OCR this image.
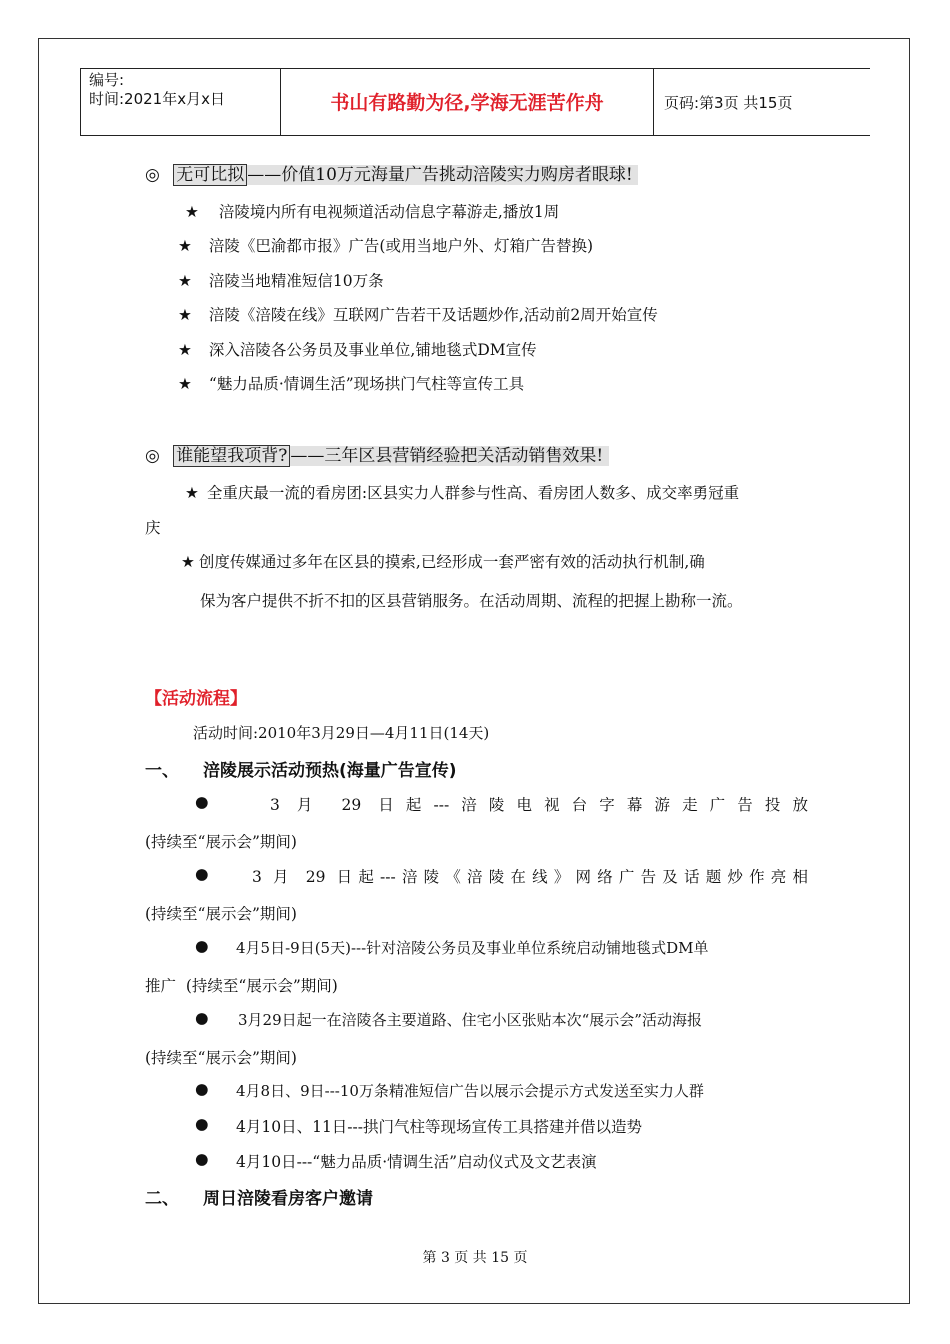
编号:
时间:2021年x月x日	书山有路勤为径,学海无涯苦作舟	页码:第3页 共15页
◎ 无可比拟 ——价值10万元海量广告挑动涪陵实力购房者眼球!
★ 涪陵境内所有电视频道活动信息字幕游走,播放1周
★ 涪陵《巴渝都市报》广告(或用当地户外、灯箱广告替换)
★ 涪陵当地精准短信10万条
★ 涪陵《涪陵在线》互联网广告若干及话题炒作,活动前2周开始宣传
★ 深入涪陵各公务员及事业单位,铺地毯式DM宣传
★ “魅力品质·情调生活”现场拱门气柱等宣传工具
◎ 谁能望我项背? ——三年区县营销经验把关活动销售效果!
★ 全重庆最一流的看房团:区县实力人群参与性高、看房团人数多、成交率勇冠重
庆
★ 创度传媒通过多年在区县的摸索,已经形成一套严密有效的活动执行机制,确
保为客户提供不折不扣的区县营销服务。在活动周期、流程的把握上勘称一流。
【活动流程】
活动时间:2010年3月29日—4月11日(14天)
一、 涪陵展示活动预热(海量广告宣传)
●	3 月 29 日起---涪陵电视台字幕游走广告投放
(持续至“展示会”期间)
●	3 月 29 日起---涪陵《涪陵在线》网络广告及话题炒作亮相
(持续至“展示会”期间)
● 4月5日-9日(5天)---针对涪陵公务员及事业单位系统启动铺地毯式DM单
推广  (持续至“展示会”期间)
● 3月29日起一在涪陵各主要道路、住宅小区张贴本次“展示会”活动海报
(持续至“展示会”期间)
● 4月8日、9日---10万条精准短信广告以展示会提示方式发送至实力人群
● 4月10日、11日---拱门气柱等现场宣传工具搭建并借以造势
● 4月10日---“魅力品质·情调生活”启动仪式及文艺表演
二、 周日涪陵看房客户邀请
第 3 页 共 15 页
